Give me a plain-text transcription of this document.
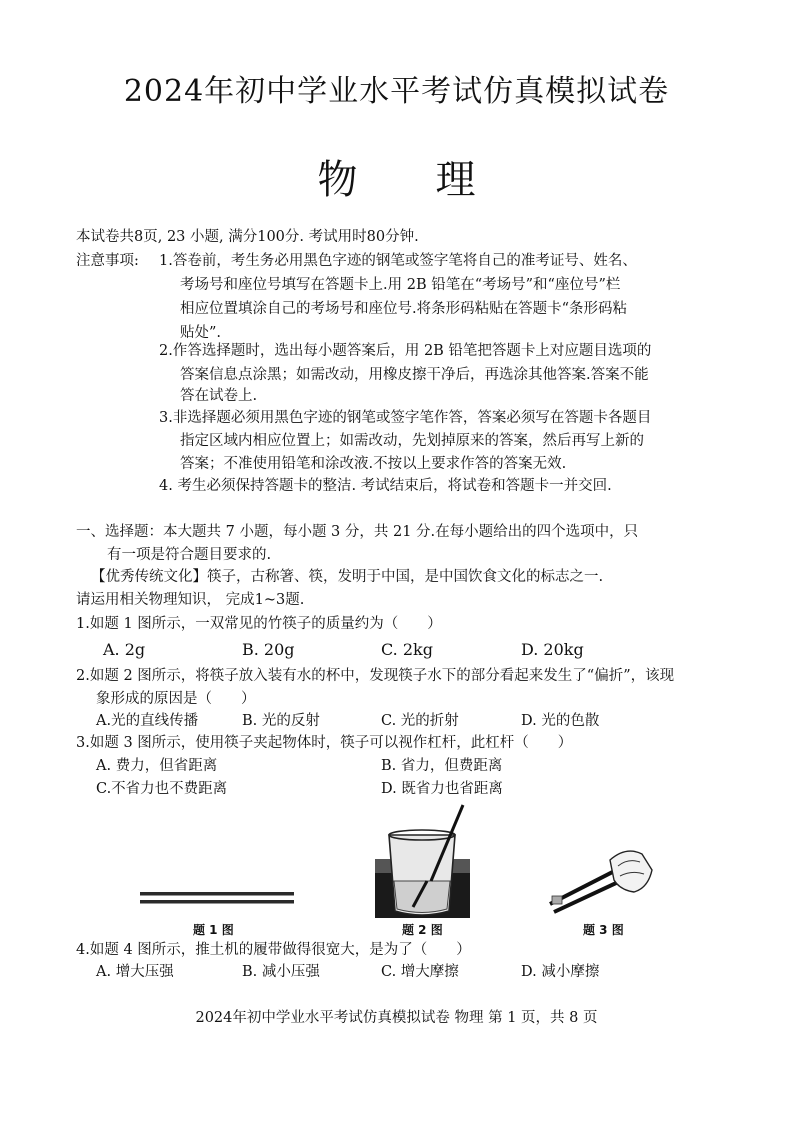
2024年初中学业水平考试仿真模拟试卷
物 理
本试卷共8页, 23 小题, 满分100分. 考试用时80分钟.
注意事项: 1.答卷前，考生务必用黑色字迹的钢笔或签字笔将自己的准考证号、姓名、
考场号和座位号填写在答题卡上.用 2B 铅笔在“考场号”和“座位号”栏
相应位置填涂自己的考场号和座位号.将条形码粘贴在答题卡“条形码粘
贴处”.
2.作答选择题时，选出每小题答案后，用 2B 铅笔把答题卡上对应题目选项的
答案信息点涂黑；如需改动，用橡皮擦干净后，再选涂其他答案.答案不能
答在试卷上.
3.非选择题必须用黑色字迹的钢笔或签字笔作答，答案必须写在答题卡各题目
指定区域内相应位置上；如需改动，先划掉原来的答案，然后再写上新的
答案；不准使用铅笔和涂改液.不按以上要求作答的答案无效.
4. 考生必须保持答题卡的整洁. 考试结束后，将试卷和答题卡一并交回.
一、选择题：本大题共 7 小题，每小题 3 分，共 21 分.在每小题给出的四个选项中，只
有一项是符合题目要求的.
【优秀传统文化】筷子，古称箸、筷，发明于中国，是中国饮食文化的标志之一.
请运用相关物理知识， 完成1~3题.
1.如题 1 图所示，一双常见的竹筷子的质量约为（　　）
A. 2g	B. 20g	C. 2kg	D. 20kg
2.如题 2 图所示，将筷子放入装有水的杯中，发现筷子水下的部分看起来发生了“偏折”，该现
象形成的原因是（　　）
A.光的直线传播	B. 光的反射	C. 光的折射	D. 光的色散
3.如题 3 图所示，使用筷子夹起物体时，筷子可以视作杠杆，此杠杆（　　）
A. 费力，但省距离	B. 省力，但费距离
C.不省力也不费距离	D. 既省力也省距离
题 1 图	题 2 图	题 3 图
4.如题 4 图所示，推土机的履带做得很宽大，是为了（　　）
A. 增大压强	B. 减小压强	C. 增大摩擦	D. 减小摩擦
2024年初中学业水平考试仿真模拟试卷 物理 第 1 页，共 8 页
